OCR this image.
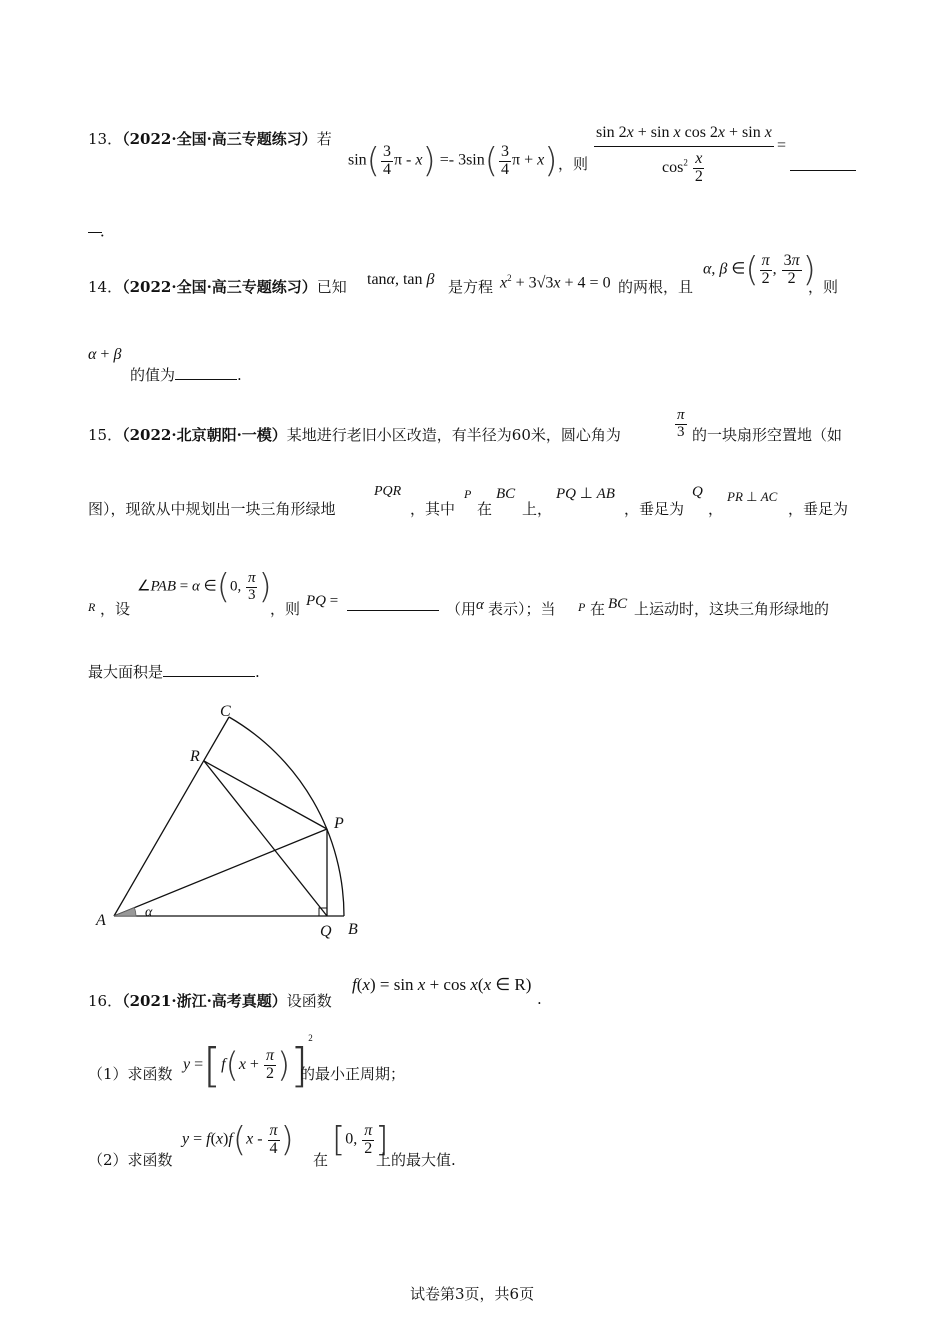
13．（2022·全国·高三专题练习）若
$\sin( \frac{3}{4}$ $\pi - x) =- 3\sin( \frac{3}{4}$ π + x) ，则
sin 2x + sin x cos 2x + sin x
$\cos^2 \frac{x}{2}$
=
．
14．（2022·全国·高三专题练习）已知 tanα, tan β 是方程 $x^2 + 3√3x + 4 = 0$ 的两根，且
α, β ∈( $\frac{\pi}{2}$ , $\frac{3\pi}{2}$ )
，则
α + β
的值为	.
15．（2022·北京朝阳·一模）某地进行老旧小区改造，有半径为60米，圆心角为	$\frac{\pi}{3}$ 的一块扇形空置地（如
图），现欲从中规划出一块三角形绿地
PQR
，其中
P
在
BC
上，
PQ ⊥ AB
，垂足为
Q
，
PR ⊥ AC
，垂足为
R ，设
∠PAB = α ∈(0, $\frac{\pi}{3}$ )
，则 PQ =	（用 α 表示）；当 P 在 BC 上运动时，这块三角形绿地的
最大面积是	.
A	α
Q B
P
R
C
16．（2021·浙江·高考真题）设函数
f(x) = sin x + cos x(x ∈ R)
.
（1）求函数
$y =[f(x + \frac{\pi}{2} )]^2$
的最小正周期；
（2）求函数
$y = f(x)f(x - \frac{\pi}{4}$ ) 在 [0, $\frac{\pi}{2}$ ]
上的最大值.
试卷第3页，共6页
